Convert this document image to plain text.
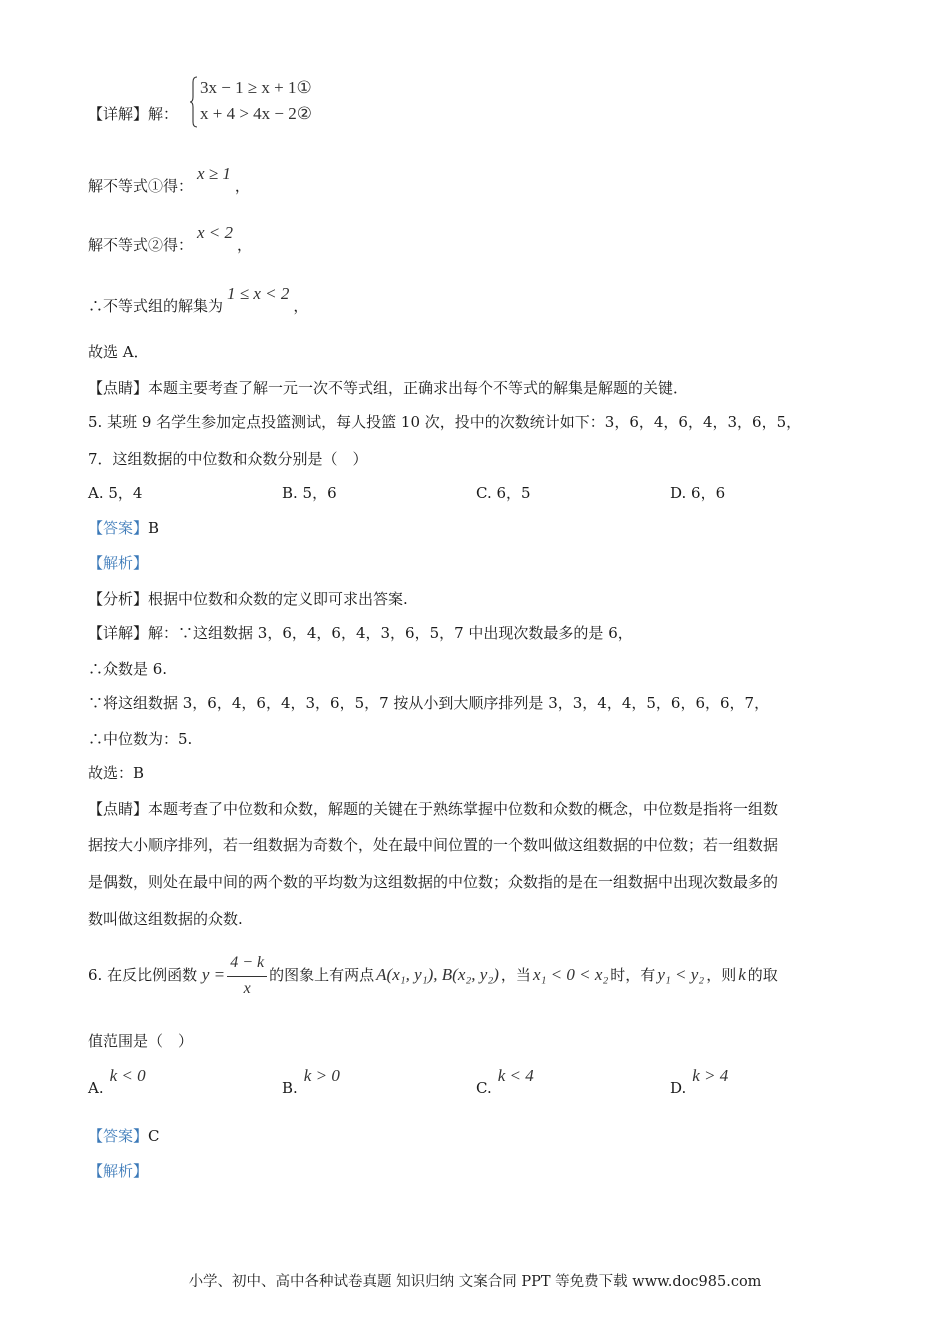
【详解】解：
3x − 1 ≥ x + 1①
x + 4 > 4x − 2②
解不等式①得：x ≥ 1，
解不等式②得：x < 2，
∴不等式组的解集为1 ≤ x < 2，
故选 A．
【点睛】本题主要考查了解一元一次不等式组，正确求出每个不等式的解集是解题的关键．
5. 某班 9 名学生参加定点投篮测试，每人投篮 10 次，投中的次数统计如下：3，6，4，6，4，3，6，5，
7．这组数据的中位数和众数分别是（　）
A. 5，4	B. 5，6	C. 6，5	D. 6，6
【答案】B
【解析】
【分析】根据中位数和众数的定义即可求出答案.
【详解】解：∵这组数据 3，6，4，6，4，3，6，5，7 中出现次数最多的是 6，
∴众数是 6.
∵将这组数据 3，6，4，6，4，3，6，5，7 按从小到大顺序排列是 3，3，4，4，5，6，6，6，7，
∴中位数为：5.
故选：B
【点睛】本题考查了中位数和众数，解题的关键在于熟练掌握中位数和众数的概念，中位数是指将一组数
据按大小顺序排列，若一组数据为奇数个，处在最中间位置的一个数叫做这组数据的中位数；若一组数据
是偶数，则处在最中间的两个数的平均数为这组数据的中位数；众数指的是在一组数据中出现次数最多的
数叫做这组数据的众数.
6. 在反比例函数 $y = \frac{4 - k}{x}$ 的图象上有两点 A(x₁, y₁), B(x₂, y₂) ，当 x₁ < 0 < x₂ 时，有 y₁ < y₂ ，则 k 的取
值范围是（　）
A.k < 0
B.k > 0
C.k < 4
D.k > 4
【答案】C
【解析】
小学、初中、高中各种试卷真题 知识归纳 文案合同 PPT 等免费下载 www.doc985.com
